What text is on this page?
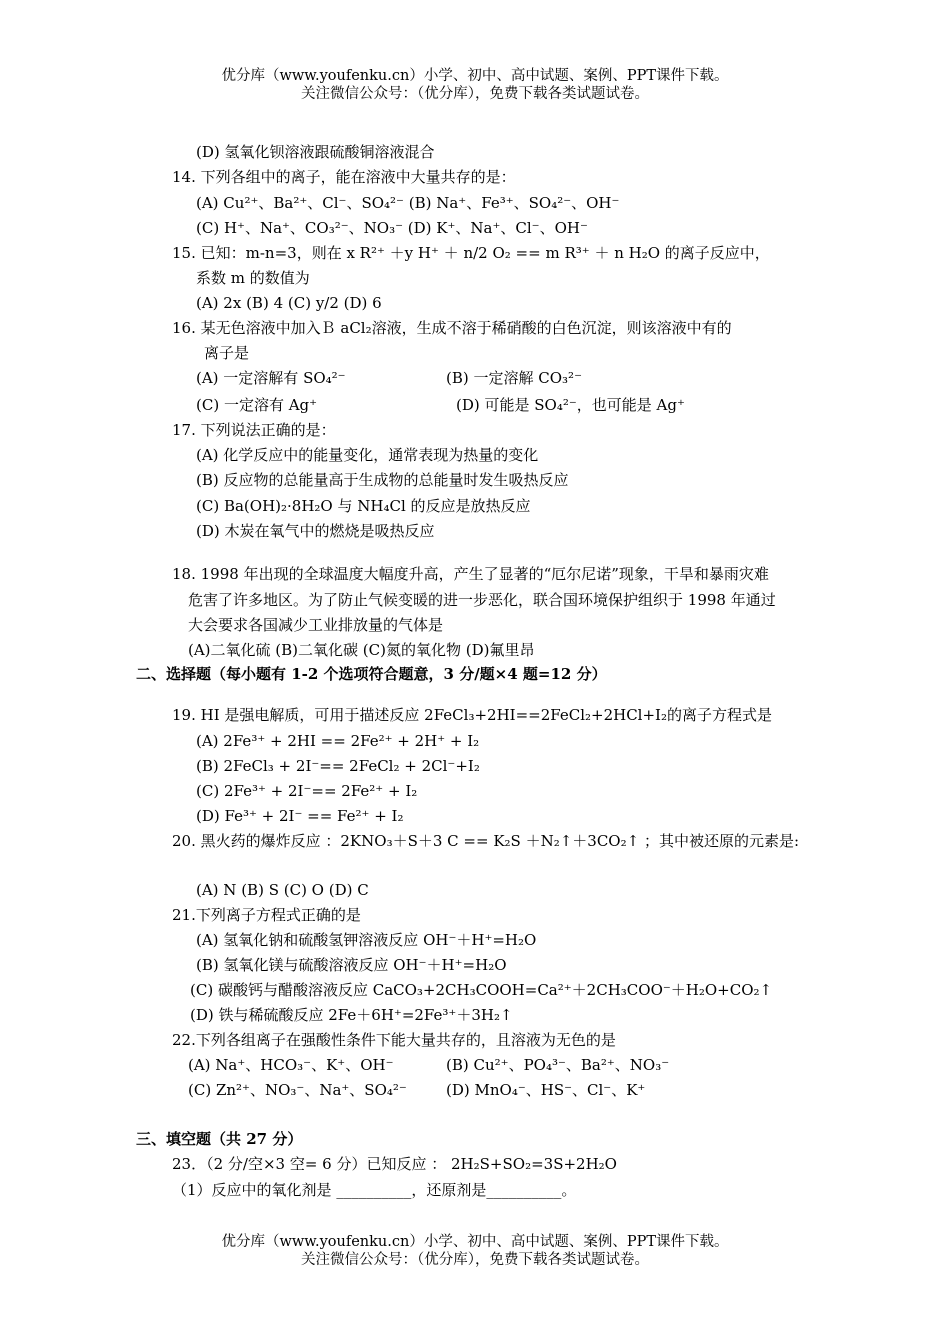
优分库（www.youfenku.cn）小学、初中、高中试题、案例、PPT课件下载。
关注微信公众号：（优分库），免费下载各类试题试卷。
(D) 氢氧化钡溶液跟硫酸铜溶液混合
14. 下列各组中的离子，能在溶液中大量共存的是：
(A) Cu²⁺、Ba²⁺、Cl⁻、SO₄²⁻ (B) Na⁺、Fe³⁺、SO₄²⁻、OH⁻
(C) H⁺、Na⁺、CO₃²⁻、NO₃⁻ (D) K⁺、Na⁺、Cl⁻、OH⁻
15. 已知：m-n=3，则在 x R²⁺ ＋y H⁺ ＋ n/2 O₂ == m R³⁺ ＋ n H₂O 的离子反应中，
系数 m 的数值为
(A) 2x (B) 4 (C) y/2 (D) 6
16. 某无色溶液中加入Ｂ aCl₂溶液，生成不溶于稀硝酸的白色沉淀，则该溶液中有的
离子是
(A) 一定溶解有 SO₄²⁻	(B) 一定溶解 CO₃²⁻
(C) 一定溶有 Ag⁺	(D) 可能是 SO₄²⁻，也可能是 Ag⁺
17. 下列说法正确的是：
(A) 化学反应中的能量变化，通常表现为热量的变化
(B) 反应物的总能量高于生成物的总能量时发生吸热反应
(C) Ba(OH)₂·8H₂O 与 NH₄Cl 的反应是放热反应
(D) 木炭在氧气中的燃烧是吸热反应
18. 1998 年出现的全球温度大幅度升高，产生了显著的“厄尔尼诺”现象，干旱和暴雨灾难
危害了许多地区。为了防止气候变暖的进一步恶化，联合国环境保护组织于 1998 年通过
大会要求各国减少工业排放量的气体是
(A)二氧化硫 (B)二氧化碳 (C)氮的氧化物 (D)氟里昂
二、选择题（每小题有 1-2 个选项符合题意，3 分/题×4 题=12 分）
19. HI 是强电解质，可用于描述反应 2FeCl₃+2HI==2FeCl₂+2HCl+I₂的离子方程式是
(A) 2Fe³⁺ + 2HI == 2Fe²⁺ + 2H⁺ + I₂
(B) 2FeCl₃ + 2I⁻== 2FeCl₂ + 2Cl⁻+I₂
(C) 2Fe³⁺ + 2I⁻== 2Fe²⁺ + I₂
(D) Fe³⁺ + 2I⁻ == Fe²⁺ + I₂
20. 黑火药的爆炸反应 ：2KNO₃＋S＋3 C == K₂S ＋N₂↑＋3CO₂↑ ；其中被还原的元素是:
(A) N (B) S (C) O (D) C
21.下列离子方程式正确的是
(A) 氢氧化钠和硫酸氢钾溶液反应 OH⁻＋H⁺=H₂O
(B) 氢氧化镁与硫酸溶液反应 OH⁻＋H⁺=H₂O
(C) 碳酸钙与醋酸溶液反应 CaCO₃+2CH₃COOH=Ca²⁺＋2CH₃COO⁻＋H₂O+CO₂↑
(D) 铁与稀硫酸反应 2Fe＋6H⁺=2Fe³⁺＋3H₂↑
22.下列各组离子在强酸性条件下能大量共存的，且溶液为无色的是
(A) Na⁺、HCO₃⁻、K⁺、OH⁻	(B) Cu²⁺、PO₄³⁻、Ba²⁺、NO₃⁻
(C) Zn²⁺、NO₃⁻、Na⁺、SO₄²⁻	(D) MnO₄⁻、HS⁻、Cl⁻、K⁺
三、填空题（共 27 分）
23．（2 分/空×3 空= 6 分）已知反应 ： 2H₂S+SO₂=3S+2H₂O
（1）反应中的氧化剂是 __________，还原剂是__________。
优分库（www.youfenku.cn）小学、初中、高中试题、案例、PPT课件下载。
关注微信公众号：（优分库），免费下载各类试题试卷。
